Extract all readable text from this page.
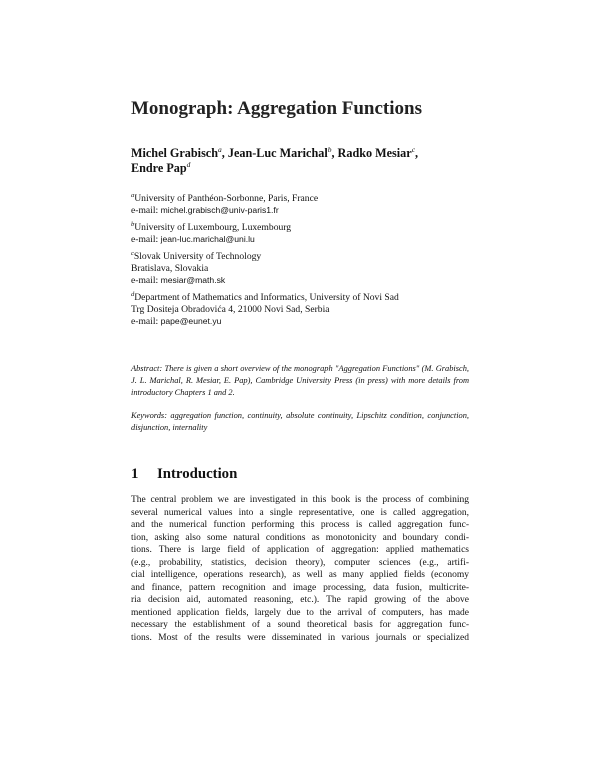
Monograph: Aggregation Functions
Michel Grabisch$^a$, Jean-Luc Marichal$^b$, Radko Mesiar$^c$,
Endre Pap$^d$
$^a$University of Panthéon-Sorbonne, Paris, France
e-mail: michel.grabisch@univ-paris1.fr
$^b$University of Luxembourg, Luxembourg
e-mail: jean-luc.marichal@uni.lu
$^c$Slovak University of Technology
Bratislava, Slovakia
e-mail: mesiar@math.sk
$^d$Department of Mathematics and Informatics, University of Novi Sad
Trg Dositeja Obradovića 4, 21000 Novi Sad, Serbia
e-mail: pape@eunet.yu
Abstract: There is given a short overview of the monograph "Aggregation Functions" (M. Grabisch, J. L. Marichal, R. Mesiar, E. Pap), Cambridge University Press (in press) with more details from introductory Chapters 1 and 2.
Keywords: aggregation function, continuity, absolute continuity, Lipschitz condition, conjunction, disjunction, internality
1 Introduction
The central problem we are investigated in this book is the process of combining
several numerical values into a single representative, one is called aggregation,
and the numerical function performing this process is called aggregation func-
tion, asking also some natural conditions as monotonicity and boundary condi-
tions. There is large field of application of aggregation: applied mathematics
(e.g., probability, statistics, decision theory), computer sciences (e.g., artifi-
cial intelligence, operations research), as well as many applied fields (economy
and finance, pattern recognition and image processing, data fusion, multicrite-
ria decision aid, automated reasoning, etc.). The rapid growing of the above
mentioned application fields, largely due to the arrival of computers, has made
necessary the establishment of a sound theoretical basis for aggregation func-
tions. Most of the results were disseminated in various journals or specialized
